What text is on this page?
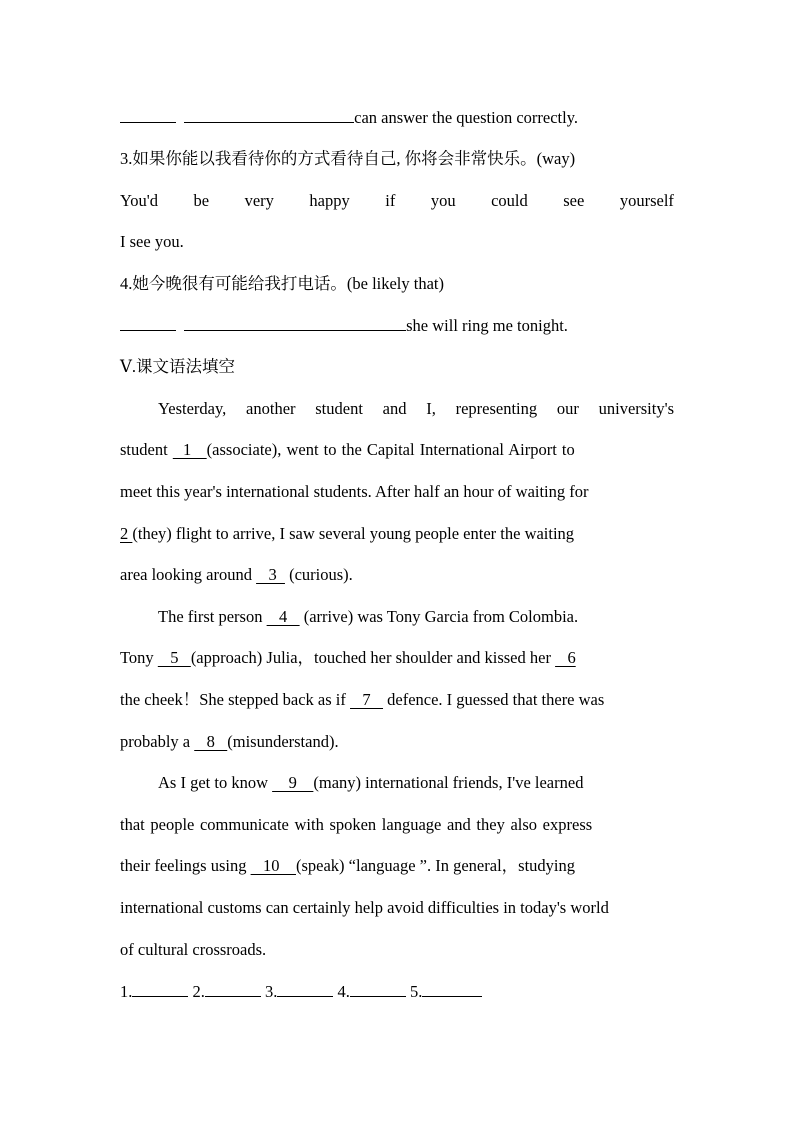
can answer the question correctly.
3.如果你能以我看待你的方式看待自己, 你将会非常快乐。(way)
You'd be very happy if you could see yourself
I see you.
4.她今晚很有可能给我打电话。(be likely that)
she will ring me tonight.
Ⅴ.课文语法填空
Yesterday, another student and I, representing our university's
student   1   (associate), went to the Capital International Airport to
meet this year's international students. After half an hour of waiting for
2 (they) flight to arrive, I saw several young people enter the waiting
area looking around    3   (curious).
The first person    4    (arrive) was Tony Garcia from Colombia.
Tony    5   (approach) Julia，touched her shoulder and kissed her    6
the cheek！She stepped back as if    7    defence. I guessed that there was
probably a    8   (misunderstand).
As I get to know     9    (many) international friends, I've learned
that people communicate with spoken language and they also express
their feelings using    10    (speak) “language ”. In general，studying
international customs can certainly help avoid difficulties in today's world
of cultural crossroads.
1.	2.	3.	4.	5.
